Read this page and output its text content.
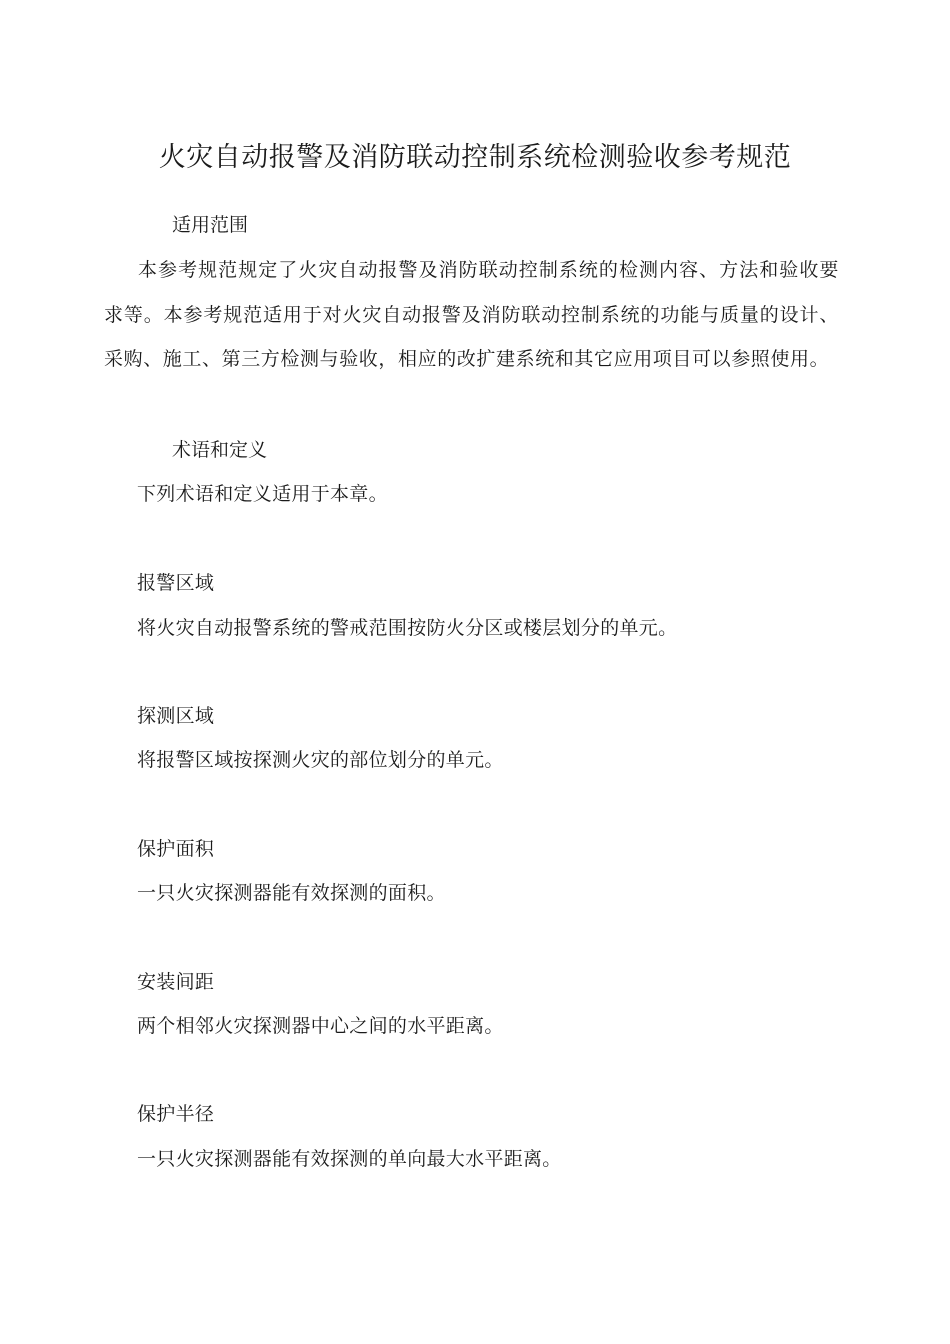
火灾自动报警及消防联动控制系统检测验收参考规范
适用范围

本参考规范规定了火灾自动报警及消防联动控制系统的检测内容、方法和验收要求等。本参考规范适用于对火灾自动报警及消防联动控制系统的功能与质量的设计、采购、施工、第三方检测与验收，相应的改扩建系统和其它应用项目可以参照使用。

术语和定义

下列术语和定义适用于本章。

报警区域

将火灾自动报警系统的警戒范围按防火分区或楼层划分的单元。

探测区域

将报警区域按探测火灾的部位划分的单元。

保护面积

一只火灾探测器能有效探测的面积。

安装间距

两个相邻火灾探测器中心之间的水平距离。

保护半径

一只火灾探测器能有效探测的单向最大水平距离。
